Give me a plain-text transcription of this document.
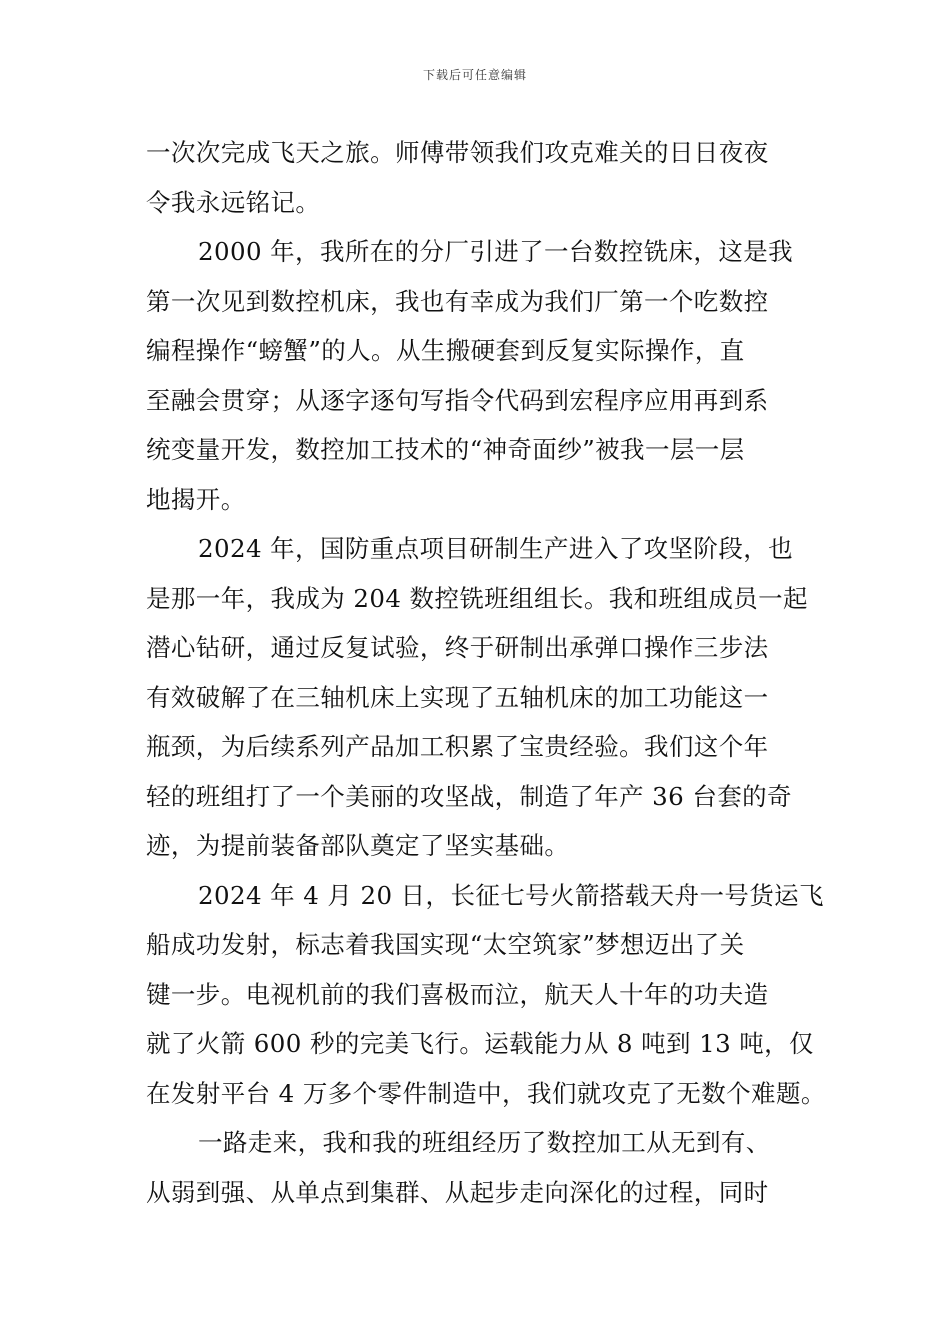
下载后可任意编辑
一次次完成飞天之旅。师傅带领我们攻克难关的日日夜夜
令我永远铭记。
2000 年，我所在的分厂引进了一台数控铣床，这是我
第一次见到数控机床，我也有幸成为我们厂第一个吃数控
编程操作“螃蟹”的人。从生搬硬套到反复实际操作，直
至融会贯穿；从逐字逐句写指令代码到宏程序应用再到系
统变量开发，数控加工技术的“神奇面纱”被我一层一层
地揭开。
2024 年，国防重点项目研制生产进入了攻坚阶段，也
是那一年，我成为 204 数控铣班组组长。我和班组成员一起
潜心钻研，通过反复试验，终于研制出承弹口操作三步法
有效破解了在三轴机床上实现了五轴机床的加工功能这一
瓶颈，为后续系列产品加工积累了宝贵经验。我们这个年
轻的班组打了一个美丽的攻坚战，制造了年产 36 台套的奇
迹，为提前装备部队奠定了坚实基础。
2024 年 4 月 20 日，长征七号火箭搭载天舟一号货运飞
船成功发射，标志着我国实现“太空筑家”梦想迈出了关
键一步。电视机前的我们喜极而泣，航天人十年的功夫造
就了火箭 600 秒的完美飞行。运载能力从 8 吨到 13 吨，仅
在发射平台 4 万多个零件制造中，我们就攻克了无数个难题。
一路走来，我和我的班组经历了数控加工从无到有、
从弱到强、从单点到集群、从起步走向深化的过程，同时
